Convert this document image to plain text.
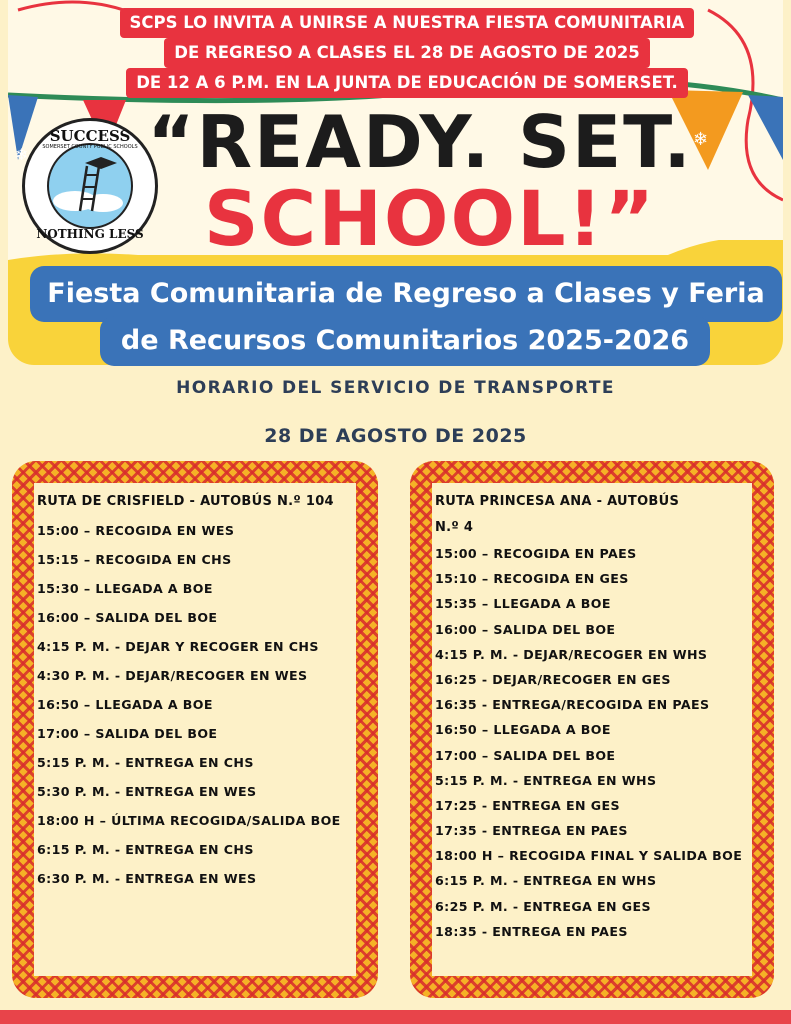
❄
❄
SCPS LO INVITA A UNIRSE A NUESTRA FIESTA COMUNITARIA
DE REGRESO A CLASES EL 28 DE AGOSTO DE 2025
DE 12 A 6 P.M. EN LA JUNTA DE EDUCACIÓN DE SOMERSET.
SUCCESS
NOTHING LESS
SOMERSET COUNTY PUBLIC SCHOOLS “READY. SET.
SCHOOL!”
Fiesta Comunitaria de Regreso a Clases y Feria
de Recursos Comunitarios 2025-2026
HORARIO DEL SERVICIO DE TRANSPORTE
28 DE AGOSTO DE 2025
RUTA DE CRISFIELD - AUTOBÚS N.º 104
15:00 – RECOGIDA EN WES
15:15 – RECOGIDA EN CHS
15:30 – LLEGADA A BOE
16:00 – SALIDA DEL BOE
4:15 P. M. - DEJAR Y RECOGER EN CHS
4:30 P. M. - DEJAR/RECOGER EN WES
16:50 – LLEGADA A BOE
17:00 – SALIDA DEL BOE
5:15 P. M. - ENTREGA EN CHS
5:30 P. M. - ENTREGA EN WES
18:00 H – ÚLTIMA RECOGIDA/SALIDA BOE
6:15 P. M. - ENTREGA EN CHS
6:30 P. M. - ENTREGA EN WES
RUTA PRINCESA ANA - AUTOBÚS
N.º 4
15:00 – RECOGIDA EN PAES
15:10 – RECOGIDA EN GES
15:35 – LLEGADA A BOE
16:00 – SALIDA DEL BOE
4:15 P. M. - DEJAR/RECOGER EN WHS
16:25 - DEJAR/RECOGER EN GES
16:35 - ENTREGA/RECOGIDA EN PAES
16:50 – LLEGADA A BOE
17:00 – SALIDA DEL BOE
5:15 P. M. - ENTREGA EN WHS
17:25 - ENTREGA EN GES
17:35 - ENTREGA EN PAES
18:00 H – RECOGIDA FINAL Y SALIDA BOE
6:15 P. M. - ENTREGA EN WHS
6:25 P. M. - ENTREGA EN GES
18:35 - ENTREGA EN PAES
